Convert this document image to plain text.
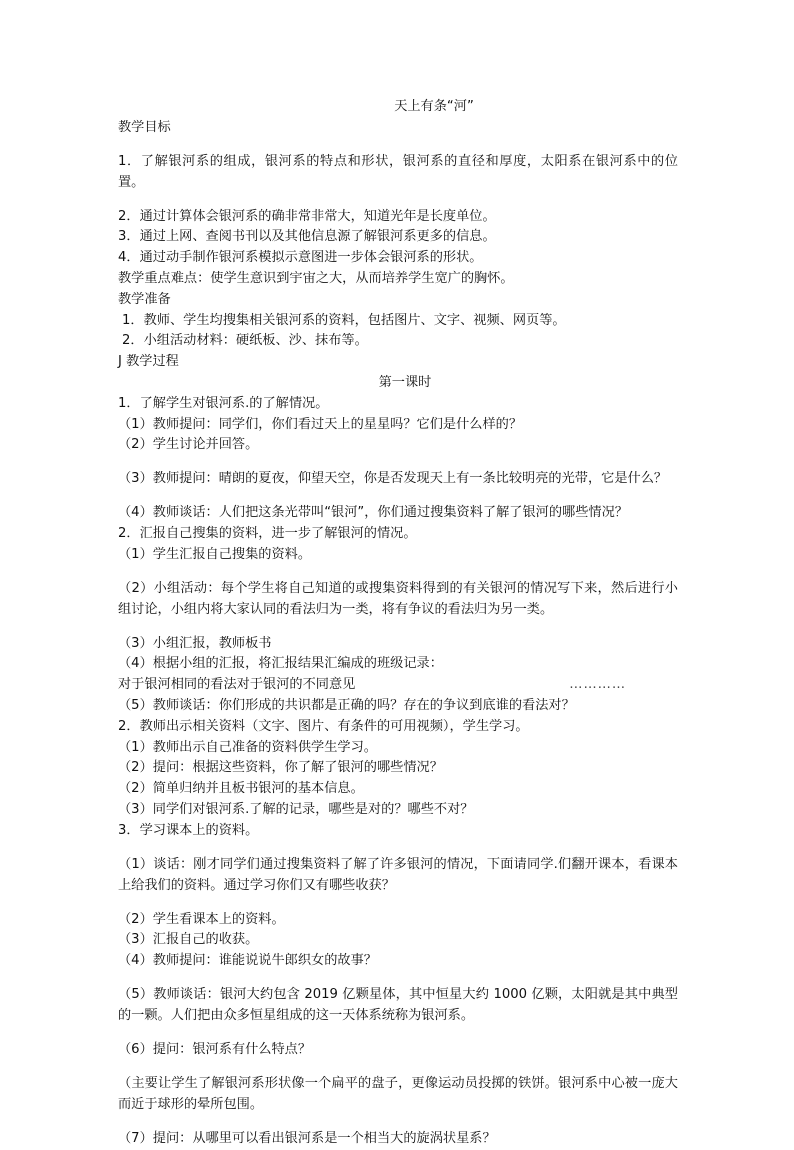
天上有条“河”

教学目标

1．了解银河系的组成，银河系的特点和形状，银河系的直径和厚度，太阳系在银河系中的位置。

2．通过计算体会银河系的确非常非常大，知道光年是长度单位。

3．通过上网、查阅书刊以及其他信息源了解银河系更多的信息。

4．通过动手制作银河系模拟示意图进一步体会银河系的形状。

教学重点难点：使学生意识到宇宙之大，从而培养学生宽广的胸怀。

教学准备

1．教师、学生均搜集相关银河系的资料，包括图片、文字、视频、网页等。

2．小组活动材料：硬纸板、沙、抹布等。

J 教学过程

第一课时

1．了解学生对银河系.的了解情况。

（1）教师提问：同学们，你们看过天上的星星吗？它们是什么样的？

（2）学生讨论并回答。

（3）教师提问：晴朗的夏夜，仰望天空，你是否发现天上有一条比较明亮的光带，它是什么？

（4）教师谈话：人们把这条光带叫“银河”，你们通过搜集资料了解了银河的哪些情况？

2．汇报自己搜集的资料，进一步了解银河的情况。

（1）学生汇报自己搜集的资料。

（2）小组活动：每个学生将自己知道的或搜集资料得到的有关银河的情况写下来，然后进行小组讨论，小组内将大家认同的看法归为一类，将有争议的看法归为另一类。

（3）小组汇报，教师板书

（4）根据小组的汇报，将汇报结果汇编成的班级记录：

对于银河相同的看法对于银河的不同意见	…………

（5）教师谈话：你们形成的共识都是正确的吗？存在的争议到底谁的看法对？

2．教师出示相关资料（文字、图片、有条件的可用视频），学生学习。

（1）教师出示自己准备的资料供学生学习。

（2）提问：根据这些资料，你了解了银河的哪些情况？

（2）简单归纳并且板书银河的基本信息。

（3）同学们对银河系.了解的记录，哪些是对的？哪些不对？

3．学习课本上的资料。

（1）谈话：刚才同学们通过搜集资料了解了许多银河的情况，下面请同学.们翻开课本，看课本上给我们的资料。通过学习你们又有哪些收获？

（2）学生看课本上的资料。

（3）汇报自己的收获。

（4）教师提问：谁能说说牛郎织女的故事？

（5）教师谈话：银河大约包含 2019 亿颗星体，其中恒星大约 1000 亿颗，太阳就是其中典型的一颗。人们把由众多恒星组成的这一天体系统称为银河系。

（6）提问：银河系有什么特点？

（主要让学生了解银河系形状像一个扁平的盘子，更像运动员投掷的铁饼。银河系中心被一庞大而近于球形的晕所包围。

（7）提问：从哪里可以看出银河系是一个相当大的旋涡状星系？
